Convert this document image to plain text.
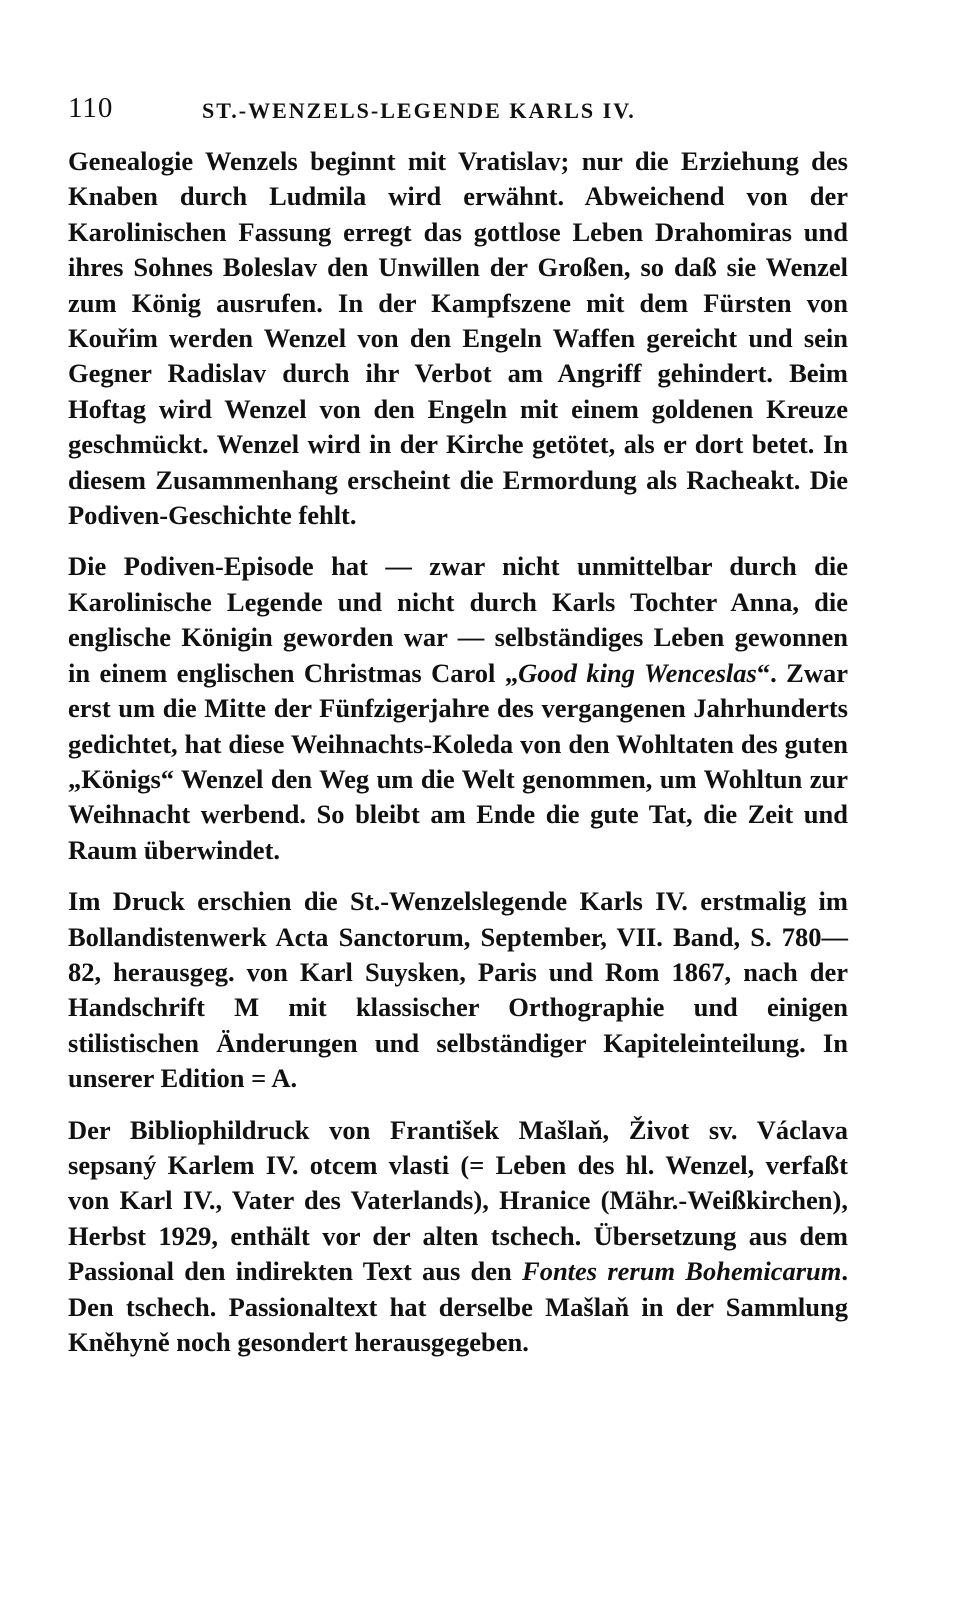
110	ST.-WENZELS-LEGENDE KARLS IV.

Genealogie Wenzels beginnt mit Vratislav; nur die Erziehung des Knaben durch Ludmila wird erwähnt. Abweichend von der Karolinischen Fassung erregt das gottlose Leben Drahomiras und ihres Sohnes Boleslav den Unwillen der Großen, so daß sie Wenzel zum König ausrufen. In der Kampfszene mit dem Fürsten von Kouřim werden Wenzel von den Engeln Waffen gereicht und sein Gegner Radislav durch ihr Verbot am Angriff gehindert. Beim Hoftag wird Wenzel von den Engeln mit einem goldenen Kreuze geschmückt. Wenzel wird in der Kirche getötet, als er dort betet. In diesem Zusammenhang erscheint die Ermordung als Racheakt. Die Podiven-Geschichte fehlt.

Die Podiven-Episode hat — zwar nicht unmittelbar durch die Karolinische Legende und nicht durch Karls Tochter Anna, die englische Königin geworden war — selbständiges Leben gewonnen in einem englischen Christmas Carol „Good king Wenceslas“. Zwar erst um die Mitte der Fünfzigerjahre des vergangenen Jahrhunderts gedichtet, hat diese Weihnachts-Koleda von den Wohltaten des guten „Königs“ Wenzel den Weg um die Welt genommen, um Wohltun zur Weihnacht werbend. So bleibt am Ende die gute Tat, die Zeit und Raum überwindet.

Im Druck erschien die St.-Wenzelslegende Karls IV. erstmalig im Bollandistenwerk Acta Sanctorum, September, VII. Band, S. 780—82, herausgeg. von Karl Suysken, Paris und Rom 1867, nach der Handschrift M mit klassischer Orthographie und einigen stilistischen Änderungen und selbständiger Kapiteleinteilung. In unserer Edition = A.

Der Bibliophildruck von František Mašlaň, Život sv. Václava sepsaný Karlem IV. otcem vlasti (= Leben des hl. Wenzel, verfaßt von Karl IV., Vater des Vaterlands), Hranice (Mähr.-Weißkirchen), Herbst 1929, enthält vor der alten tschech. Übersetzung aus dem Passional den indirekten Text aus den Fontes rerum Bohemicarum. Den tschech. Passionaltext hat derselbe Mašlaň in der Sammlung Kněhyně noch gesondert herausgegeben.
